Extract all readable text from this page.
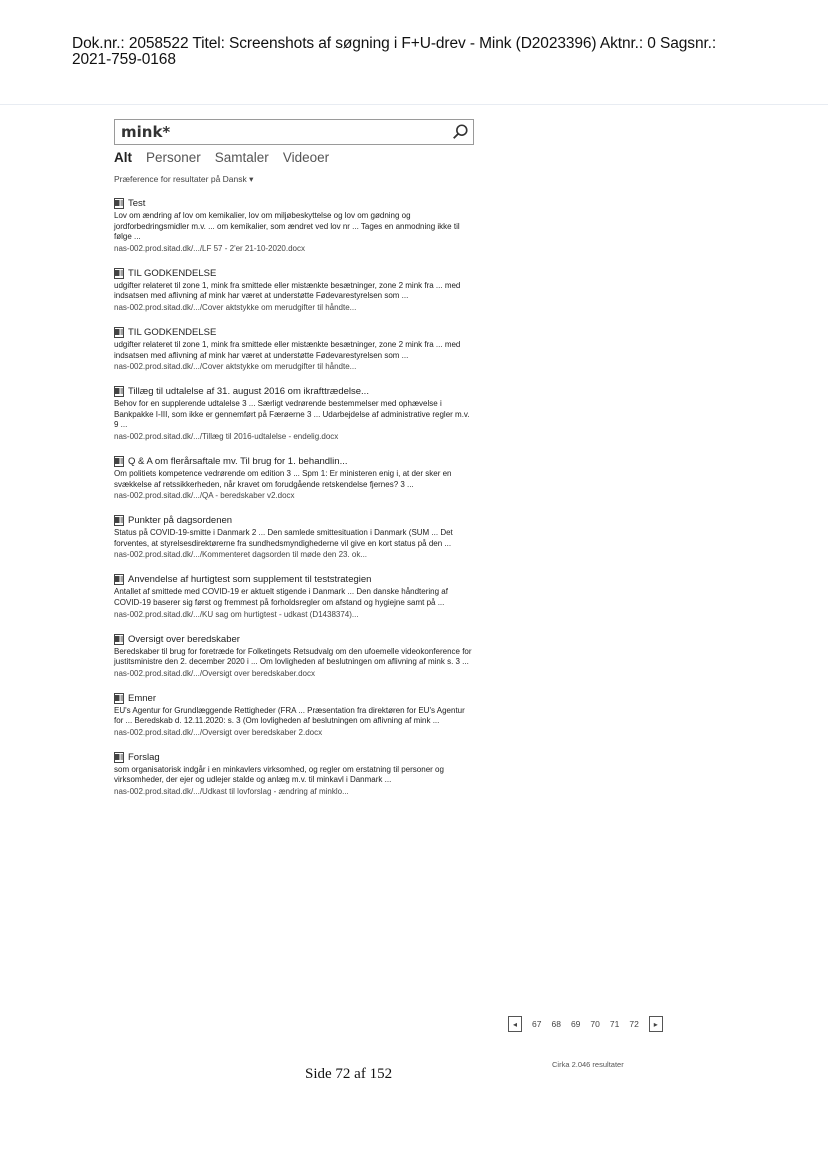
Dok.nr.: 2058522 Titel: Screenshots af søgning i F+U-drev - Mink (D2023396) Aktnr.: 0 Sagsnr.:
2021-759-0168
mink*
Alt Personer Samtaler Videoer
Præference for resultater på Dansk ▾
Test
Lov om ændring af lov om kemikalier, lov om miljøbeskyttelse og lov om gødning og jordforbedringsmidler m.v. ... om kemikalier, som ændret ved lov nr ... Tages en anmodning ikke til følge ...
nas-002.prod.sitad.dk/.../LF 57 - 2'er 21-10-2020.docx
TIL GODKENDELSE
udgifter relateret til zone 1, mink fra smittede eller mistænkte besætninger, zone 2 mink fra ... med indsatsen med aflivning af mink har været at understøtte Fødevarestyrelsen som ...
nas-002.prod.sitad.dk/.../Cover aktstykke om merudgifter til håndte...
TIL GODKENDELSE
udgifter relateret til zone 1, mink fra smittede eller mistænkte besætninger, zone 2 mink fra ... med indsatsen med aflivning af mink har været at understøtte Fødevarestyrelsen som ...
nas-002.prod.sitad.dk/.../Cover aktstykke om merudgifter til håndte...
Tillæg til udtalelse af 31. august 2016 om ikrafttrædelse...
Behov for en supplerende udtalelse 3 ... Særligt vedrørende bestemmelser med ophævelse i Bankpakke I-III, som ikke er gennemført på Færøerne 3 ... Udarbejdelse af administrative regler m.v. 9 ...
nas-002.prod.sitad.dk/.../Tillæg til 2016-udtalelse - endelig.docx
Q & A om flerårsaftale mv. Til brug for 1. behandlin...
Om politiets kompetence vedrørende om edition 3 ... Spm 1: Er ministeren enig i, at der sker en svækkelse af retssikkerheden, når kravet om forudgående retskendelse fjernes? 3 ...
nas-002.prod.sitad.dk/.../QA - beredskaber v2.docx
Punkter på dagsordenen
Status på COVID-19-smitte i Danmark 2 ... Den samlede smittesituation i Danmark (SUM ... Det forventes, at styrelsesdirektørerne fra sundhedsmyndighederne vil give en kort status på den ...
nas-002.prod.sitad.dk/.../Kommenteret dagsorden til møde den 23. ok...
Anvendelse af hurtigtest som supplement til teststrategien
Antallet af smittede med COVID-19 er aktuelt stigende i Danmark ... Den danske håndtering af COVID-19 baserer sig først og fremmest på forholdsregler om afstand og hygiejne samt på ...
nas-002.prod.sitad.dk/.../KU sag om hurtigtest - udkast (D1438374)...
Oversigt over beredskaber
Beredskaber til brug for foretræde for Folketingets Retsudvalg om den ufoemelle videokonference for justitsministre den 2. december 2020 i ... Om lovligheden af beslutningen om aflivning af mink s. 3 ...
nas-002.prod.sitad.dk/.../Oversigt over beredskaber.docx
Emner
EU's Agentur for Grundlæggende Rettigheder (FRA ... Præsentation fra direktøren for EU's Agentur for ... Beredskab d. 12.11.2020: s. 3 (Om lovligheden af beslutningen om aflivning af mink ...
nas-002.prod.sitad.dk/.../Oversigt over beredskaber 2.docx
Forslag
som organisatorisk indgår i en minkavlers virksomhed, og regler om erstatning til personer og virksomheder, der ejer og udlejer stalde og anlæg m.v. til minkavl i Danmark ...
nas-002.prod.sitad.dk/.../Udkast til lovforslag - ændring af minklo...
◂	67 68 69 70 71 72	▸
Cirka 2.046 resultater
Side 72 af 152
